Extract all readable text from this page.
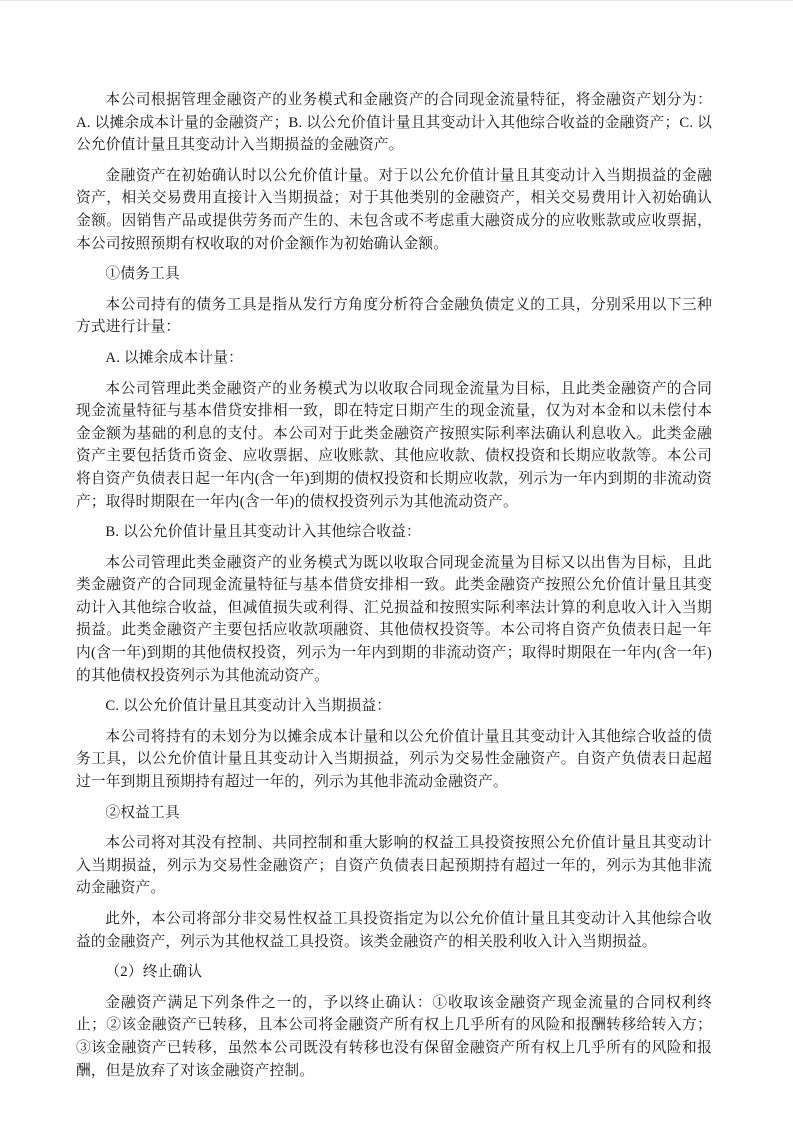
本公司根据管理金融资产的业务模式和金融资产的合同现金流量特征，将金融资产划分为：A. 以摊余成本计量的金融资产；B. 以公允价值计量且其变动计入其他综合收益的金融资产；C. 以公允价值计量且其变动计入当期损益的金融资产。

金融资产在初始确认时以公允价值计量。对于以公允价值计量且其变动计入当期损益的金融资产，相关交易费用直接计入当期损益；对于其他类别的金融资产，相关交易费用计入初始确认金额。因销售产品或提供劳务而产生的、未包含或不考虑重大融资成分的应收账款或应收票据，本公司按照预期有权收取的对价金额作为初始确认金额。

①债务工具

本公司持有的债务工具是指从发行方角度分析符合金融负债定义的工具，分别采用以下三种方式进行计量：

A. 以摊余成本计量：

本公司管理此类金融资产的业务模式为以收取合同现金流量为目标，且此类金融资产的合同现金流量特征与基本借贷安排相一致，即在特定日期产生的现金流量，仅为对本金和以未偿付本金金额为基础的利息的支付。本公司对于此类金融资产按照实际利率法确认利息收入。此类金融资产主要包括货币资金、应收票据、应收账款、其他应收款、债权投资和长期应收款等。本公司将自资产负债表日起一年内(含一年)到期的债权投资和长期应收款，列示为一年内到期的非流动资产；取得时期限在一年内(含一年)的债权投资列示为其他流动资产。

B. 以公允价值计量且其变动计入其他综合收益：

本公司管理此类金融资产的业务模式为既以收取合同现金流量为目标又以出售为目标，且此类金融资产的合同现金流量特征与基本借贷安排相一致。此类金融资产按照公允价值计量且其变动计入其他综合收益，但减值损失或利得、汇兑损益和按照实际利率法计算的利息收入计入当期损益。此类金融资产主要包括应收款项融资、其他债权投资等。本公司将自资产负债表日起一年内(含一年)到期的其他债权投资，列示为一年内到期的非流动资产；取得时期限在一年内(含一年)的其他债权投资列示为其他流动资产。

C. 以公允价值计量且其变动计入当期损益：

本公司将持有的未划分为以摊余成本计量和以公允价值计量且其变动计入其他综合收益的债务工具，以公允价值计量且其变动计入当期损益，列示为交易性金融资产。自资产负债表日起超过一年到期且预期持有超过一年的，列示为其他非流动金融资产。

②权益工具

本公司将对其没有控制、共同控制和重大影响的权益工具投资按照公允价值计量且其变动计入当期损益，列示为交易性金融资产；自资产负债表日起预期持有超过一年的，列示为其他非流动金融资产。

此外，本公司将部分非交易性权益工具投资指定为以公允价值计量且其变动计入其他综合收益的金融资产，列示为其他权益工具投资。该类金融资产的相关股利收入计入当期损益。

（2）终止确认

金融资产满足下列条件之一的，予以终止确认：①收取该金融资产现金流量的合同权利终止；②该金融资产已转移，且本公司将金融资产所有权上几乎所有的风险和报酬转移给转入方；③该金融资产已转移，虽然本公司既没有转移也没有保留金融资产所有权上几乎所有的风险和报酬，但是放弃了对该金融资产控制。
